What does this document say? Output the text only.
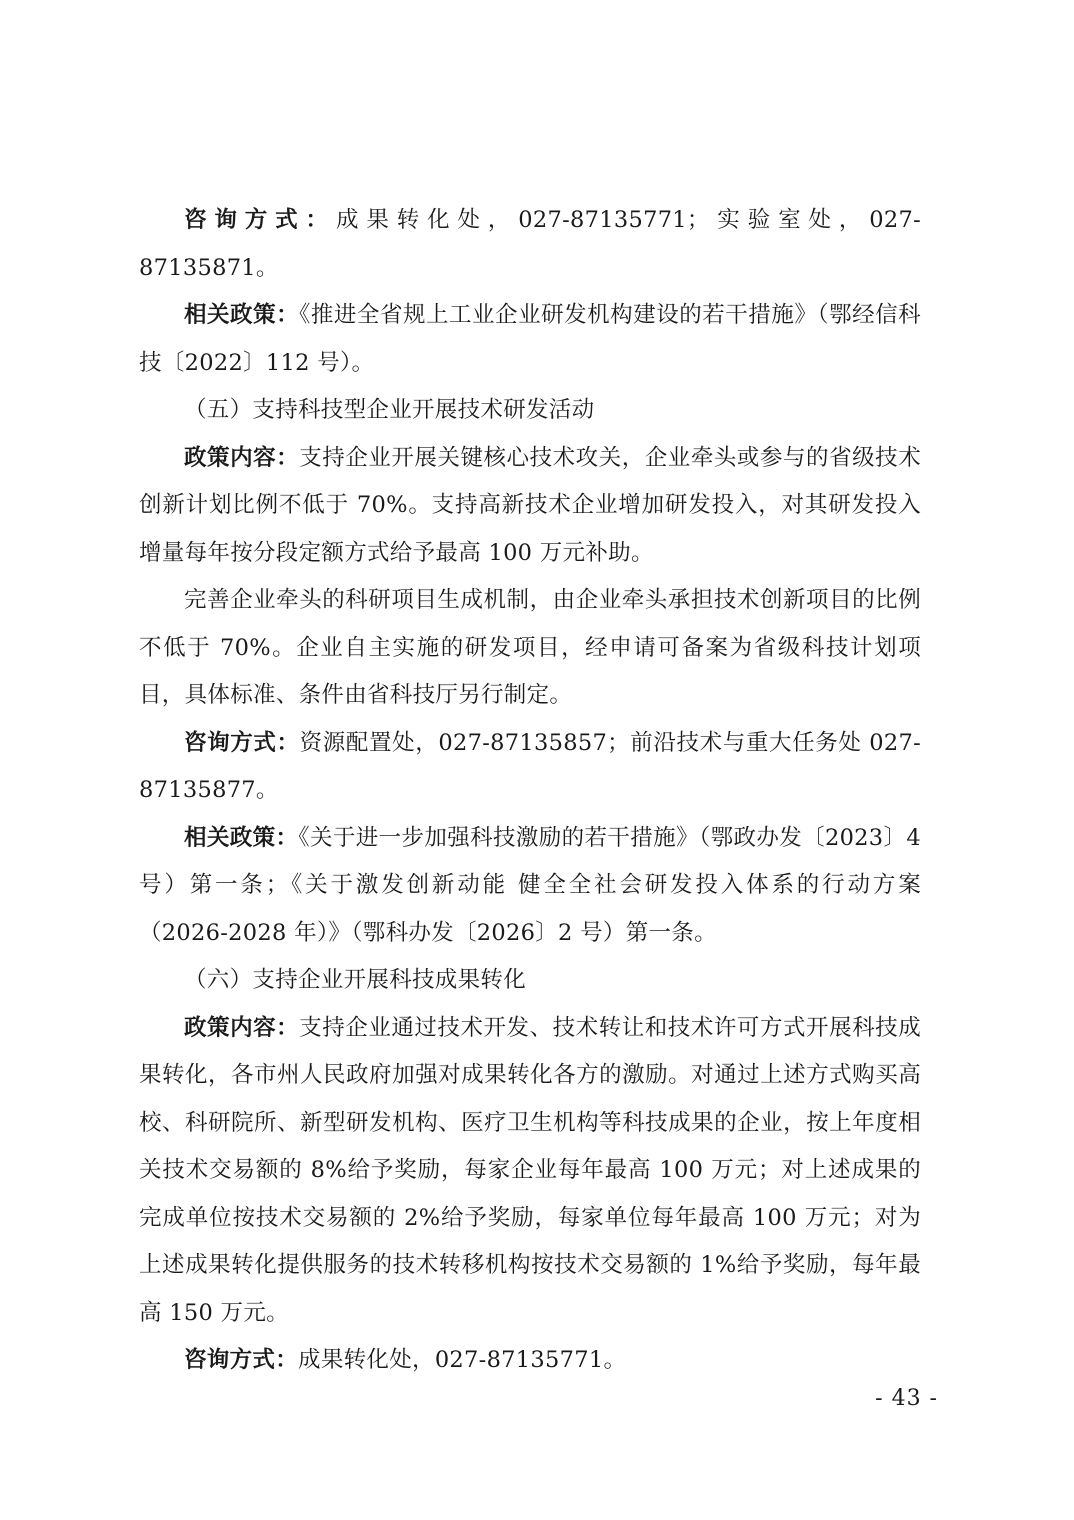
咨询方式：成果转化处，027-87135771；实验室处，027-87135871。

相关政策：《推进全省规上工业企业研发机构建设的若干措施》（鄂经信科技〔2022〕112 号）。

（五）支持科技型企业开展技术研发活动

政策内容：支持企业开展关键核心技术攻关，企业牵头或参与的省级技术创新计划比例不低于 70%。支持高新技术企业增加研发投入，对其研发投入增量每年按分段定额方式给予最高 100 万元补助。

完善企业牵头的科研项目生成机制，由企业牵头承担技术创新项目的比例不低于 70%。企业自主实施的研发项目，经申请可备案为省级科技计划项目，具体标准、条件由省科技厅另行制定。

咨询方式：资源配置处，027-87135857；前沿技术与重大任务处 027-87135877。

相关政策：《关于进一步加强科技激励的若干措施》（鄂政办发〔2023〕4 号）第一条；《关于激发创新动能 健全全社会研发投入体系的行动方案（2026-2028 年）》（鄂科办发〔2026〕2 号）第一条。

（六）支持企业开展科技成果转化

政策内容：支持企业通过技术开发、技术转让和技术许可方式开展科技成果转化，各市州人民政府加强对成果转化各方的激励。对通过上述方式购买高校、科研院所、新型研发机构、医疗卫生机构等科技成果的企业，按上年度相关技术交易额的 8%给予奖励，每家企业每年最高 100 万元；对上述成果的完成单位按技术交易额的 2%给予奖励，每家单位每年最高 100 万元；对为上述成果转化提供服务的技术转移机构按技术交易额的 1%给予奖励，每年最高 150 万元。

咨询方式：成果转化处，027-87135771。

- 43 -
